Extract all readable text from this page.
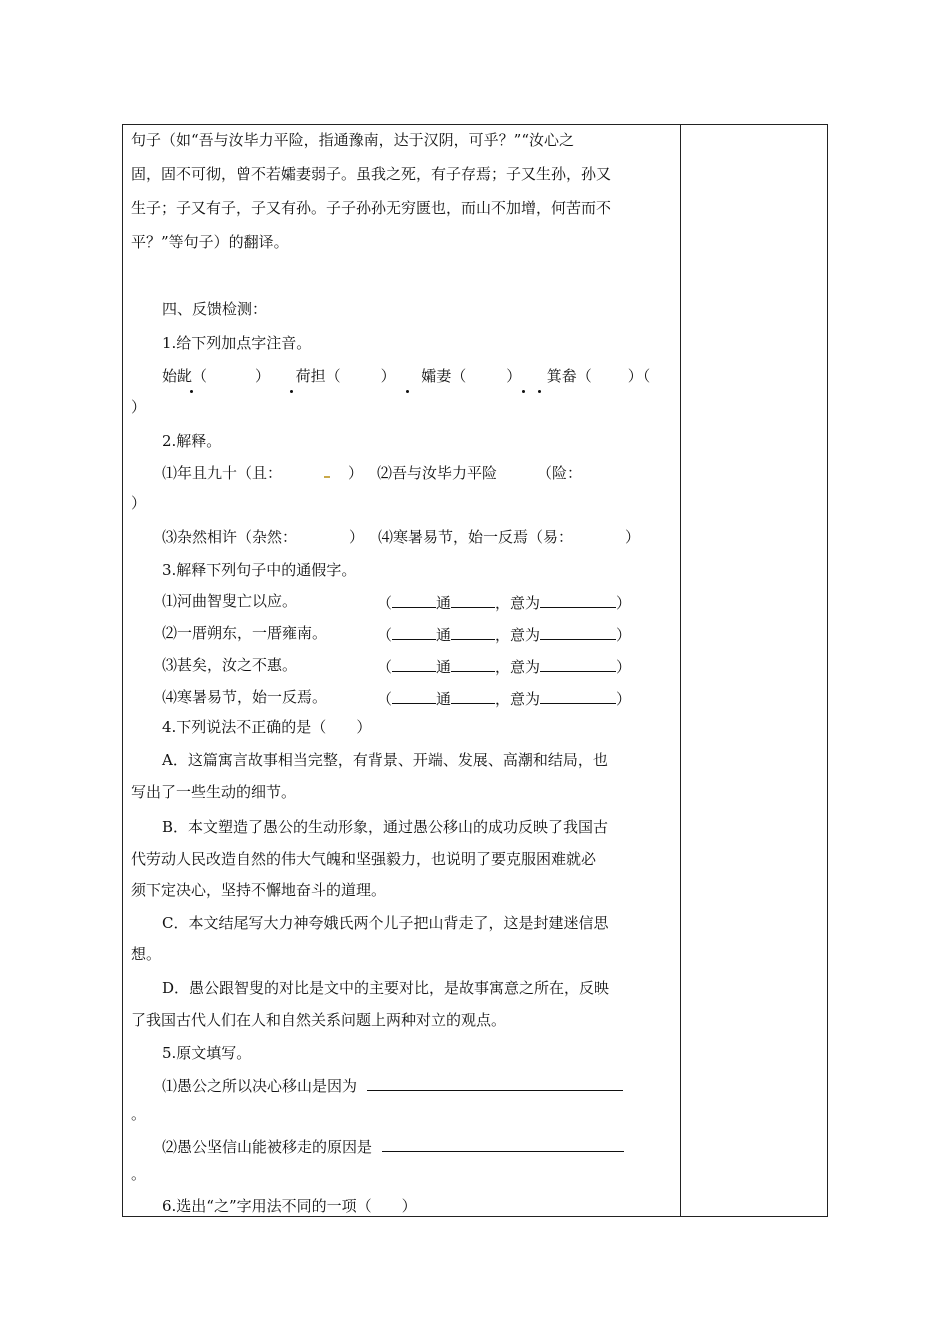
句子（如“吾与汝毕力平险，指通豫南，达于汉阴，可乎？”“汝心之
固，固不可彻，曾不若孀妻弱子。虽我之死，有子存焉；子又生孙，孙又
生子；子又有子，子又有孙。子子孙孙无穷匮也，而山不加增，何苦而不
平？”等句子）的翻译。
四、反馈检测：
1.给下列加点字注音。
始龀（	） 荷担（	） 孀妻（	） 箕畚（ ）（
）
2.解释。
⑴年且九十（且：	） ⑵吾与汝毕力平险	（险：
）
⑶杂然相许（杂然：	） ⑷寒暑易节，始一反焉（易：	）
3.解释下列句子中的通假字。
⑴河曲智叟亡以应。	（	通	，意为	）
⑵一厝朔东，一厝雍南。	（	通	，意为	）
⑶甚矣，汝之不惠。	（	通	，意为	）
⑷寒暑易节，始一反焉。	（	通	，意为	）
4.下列说法不正确的是（　　）
A．这篇寓言故事相当完整，有背景、开端、发展、高潮和结局，也
写出了一些生动的细节。
B．本文塑造了愚公的生动形象，通过愚公移山的成功反映了我国古
代劳动人民改造自然的伟大气魄和坚强毅力，也说明了要克服困难就必
须下定决心，坚持不懈地奋斗的道理。
C．本文结尾写大力神夸娥氏两个儿子把山背走了，这是封建迷信思
想。
D．愚公跟智叟的对比是文中的主要对比，是故事寓意之所在，反映
了我国古代人们在人和自然关系问题上两种对立的观点。
5.原文填写。
⑴愚公之所以决心移山是因为
。
⑵愚公坚信山能被移走的原因是
。
6.选出“之”字用法不同的一项（　　）
